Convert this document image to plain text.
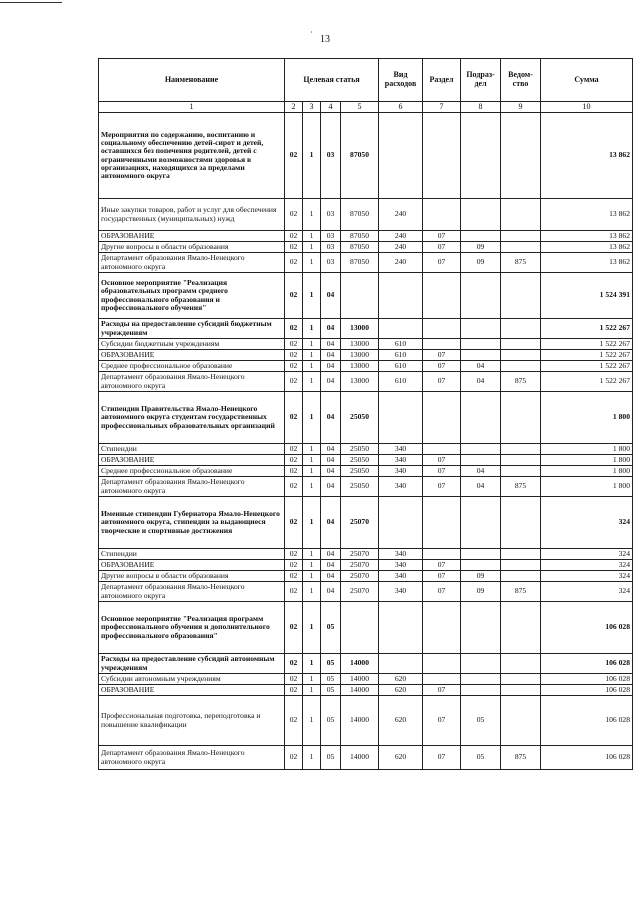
·
13
Наименование	Целевая статья				Вид расходов	Раздел	Подраз-дел	Ведом-ство	Сумма
1	2	3	4	5	6	7	8	9	10
Мероприятия по содержанию, воспитанию и социальному обеспечению детей-сирот и детей, оставшихся без попечения родителей, детей с ограниченными возможностями здоровья в организациях, находящихся за пределами автономного округа	02	1	03	87050					13 862
Иные закупки товаров, работ и услуг для обеспечения государственных (муниципальных) нужд	02	1	03	87050	240				13 862
ОБРАЗОВАНИЕ	02	1	03	87050	240	07			13 862
Другие вопросы в области образования	02	1	03	87050	240	07	09		13 862
Департамент образования Ямало-Ненецкого автономного округа	02	1	03	87050	240	07	09	875	13 862
Основное мероприятие "Реализация образовательных программ среднего профессионального образования и профессионального обучения"	02	1	04						1 524 391
Расходы на предоставление субсидий бюджетным учреждениям	02	1	04	13000					1 522 267
Субсидии бюджетным учреждениям	02	1	04	13000	610				1 522 267
ОБРАЗОВАНИЕ	02	1	04	13000	610	07			1 522 267
Среднее профессиональное образование	02	1	04	13000	610	07	04		1 522 267
Департамент образования Ямало-Ненецкого автономного округа	02	1	04	13000	610	07	04	875	1 522 267
Стипендии Правительства Ямало-Ненецкого автономного округа студентам государственных профессиональных образовательных организаций	02	1	04	25050					1 800
Стипендии	02	1	04	25050	340				1 800
ОБРАЗОВАНИЕ	02	1	04	25050	340	07			1 800
Среднее профессиональное образование	02	1	04	25050	340	07	04		1 800
Департамент образования Ямало-Ненецкого автономного округа	02	1	04	25050	340	07	04	875	1 800
Именные стипендии Губернатора Ямало-Ненецкого автономного округа, стипендии за выдающиеся творческие и спортивные достижения	02	1	04	25070					324
Стипендии	02	1	04	25070	340				324
ОБРАЗОВАНИЕ	02	1	04	25070	340	07			324
Другие вопросы в области образования	02	1	04	25070	340	07	09		324
Департамент образования Ямало-Ненецкого автономного округа	02	1	04	25070	340	07	09	875	324
Основное мероприятие "Реализация программ профессионального обучения и дополнительного профессионального образования"	02	1	05						106 028
Расходы на предоставление субсидий автономным учреждениям	02	1	05	14000					106 028
Субсидии автономным учреждениям	02	1	05	14000	620				106 028
ОБРАЗОВАНИЕ	02	1	05	14000	620	07			106 028
Профессиональная подготовка, переподготовка и повышение квалификации	02	1	05	14000	620	07	05		106 028
Департамент образования Ямало-Ненецкого автономного округа	02	1	05	14000	620	07	05	875	106 028
